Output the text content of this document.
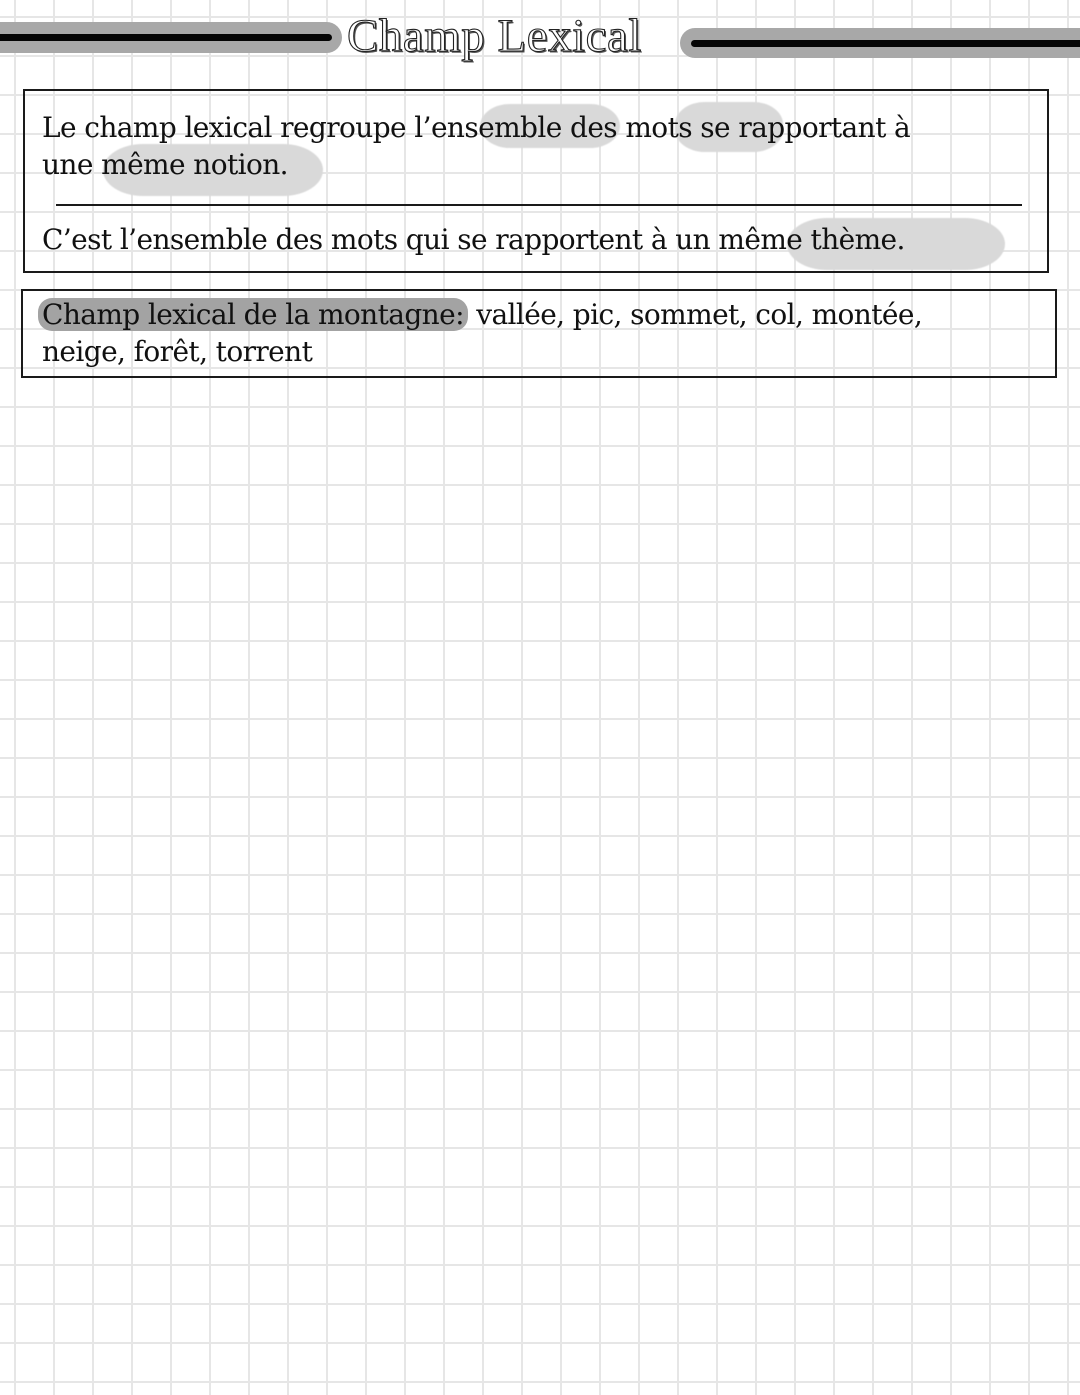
Champ Lexical
Le champ lexical regroupe l’ensemble des mots se rapportant à
une même notion.
C’est l’ensemble des mots qui se rapportent à un même thème.
Champ lexical de la montagne: vallée, pic, sommet, col, montée,
neige, forêt, torrent
